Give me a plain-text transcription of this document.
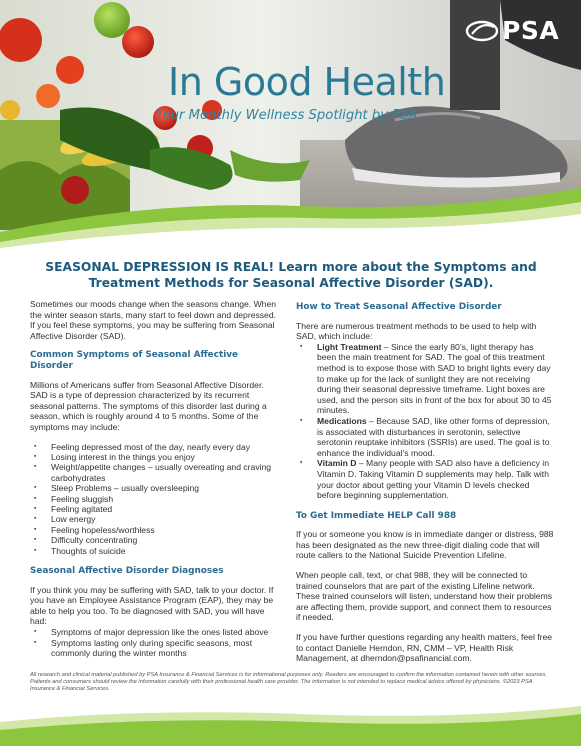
PSA
In Good Health
Your Monthly Wellness Spotlight by PSA
SEASONAL DEPRESSION IS REAL! Learn more about the Symptoms and Treatment Methods for Seasonal Affective Disorder (SAD).

Sometimes our moods change when the seasons change. When the winter season starts, many start to feel down and depressed. If you feel these symptoms, you may be suffering from Seasonal Affective Disorder (SAD).

Common Symptoms of Seasonal Affective Disorder

Millions of Americans suffer from Seasonal Affective Disorder. SAD is a type of depression characterized by its recurrent seasonal patterns. The symptoms of this disorder last during a season, which is roughly around 4 to 5 months. Some of the symptoms may include:

▪ Feeling depressed most of the day, nearly every day
▪ Losing interest in the things you enjoy
▪ Weight/appetite changes – usually overeating and craving carbohydrates
▪ Sleep Problems – usually oversleeping
▪ Feeling sluggish
▪ Feeling agitated
▪ Low energy
▪ Feeling hopeless/worthless
▪ Difficulty concentrating
▪ Thoughts of suicide
Seasonal Affective Disorder Diagnoses

If you think you may be suffering with SAD, talk to your doctor. If you have an Employee Assistance Program (EAP), they may be able to help you too. To be diagnosed with SAD, you will have had:

▪ Symptoms of major depression like the ones listed above
▪ Symptoms lasting only during specific seasons, most commonly during the winter months
How to Treat Seasonal Affective Disorder

There are numerous treatment methods to be used to help with SAD, which include:

▪ Light Treatment – Since the early 80’s, light therapy has been the main treatment for SAD. The goal of this treatment method is to expose those with SAD to bright lights every day to make up for the lack of sunlight they are not receiving during their seasonal depressive timeframe. Light boxes are used, and the person sits in front of the box for about 30 to 45 minutes.
▪ Medications – Because SAD, like other forms of depression, is associated with disturbances in serotonin, selective serotonin reuptake inhibitors (SSRIs) are used. The goal is to enhance the individual’s mood.
▪ Vitamin D – Many people with SAD also have a deficiency in Vitamin D. Taking Vitamin D supplements may help. Talk with your doctor about getting your Vitamin D levels checked before beginning supplementation.
To Get Immediate HELP Call 988

If you or someone you know is in immediate danger or distress, 988 has been designated as the new three-digit dialing code that will route callers to the National Suicide Prevention Lifeline.

When people call, text, or chat 988, they will be connected to trained counselors that are part of the existing Lifeline network. These trained counselors will listen, understand how their problems are affecting them, provide support, and connect them to resources if needed.

If you have further questions regarding any health matters, feel free to contact Danielle Herndon, RN, CMM – VP, Health Risk Management, at dherndon@psafinancial.com.

All research and clinical material published by PSA Insurance & Financial Services is for informational purposes only. Readers are encouraged to confirm the information contained herein with other sources. Patients and consumers should review the information carefully with their professional health care provider. The information is not intended to replace medical advice offered by physicians. ©2023 PSA Insurance & Financial Services.
